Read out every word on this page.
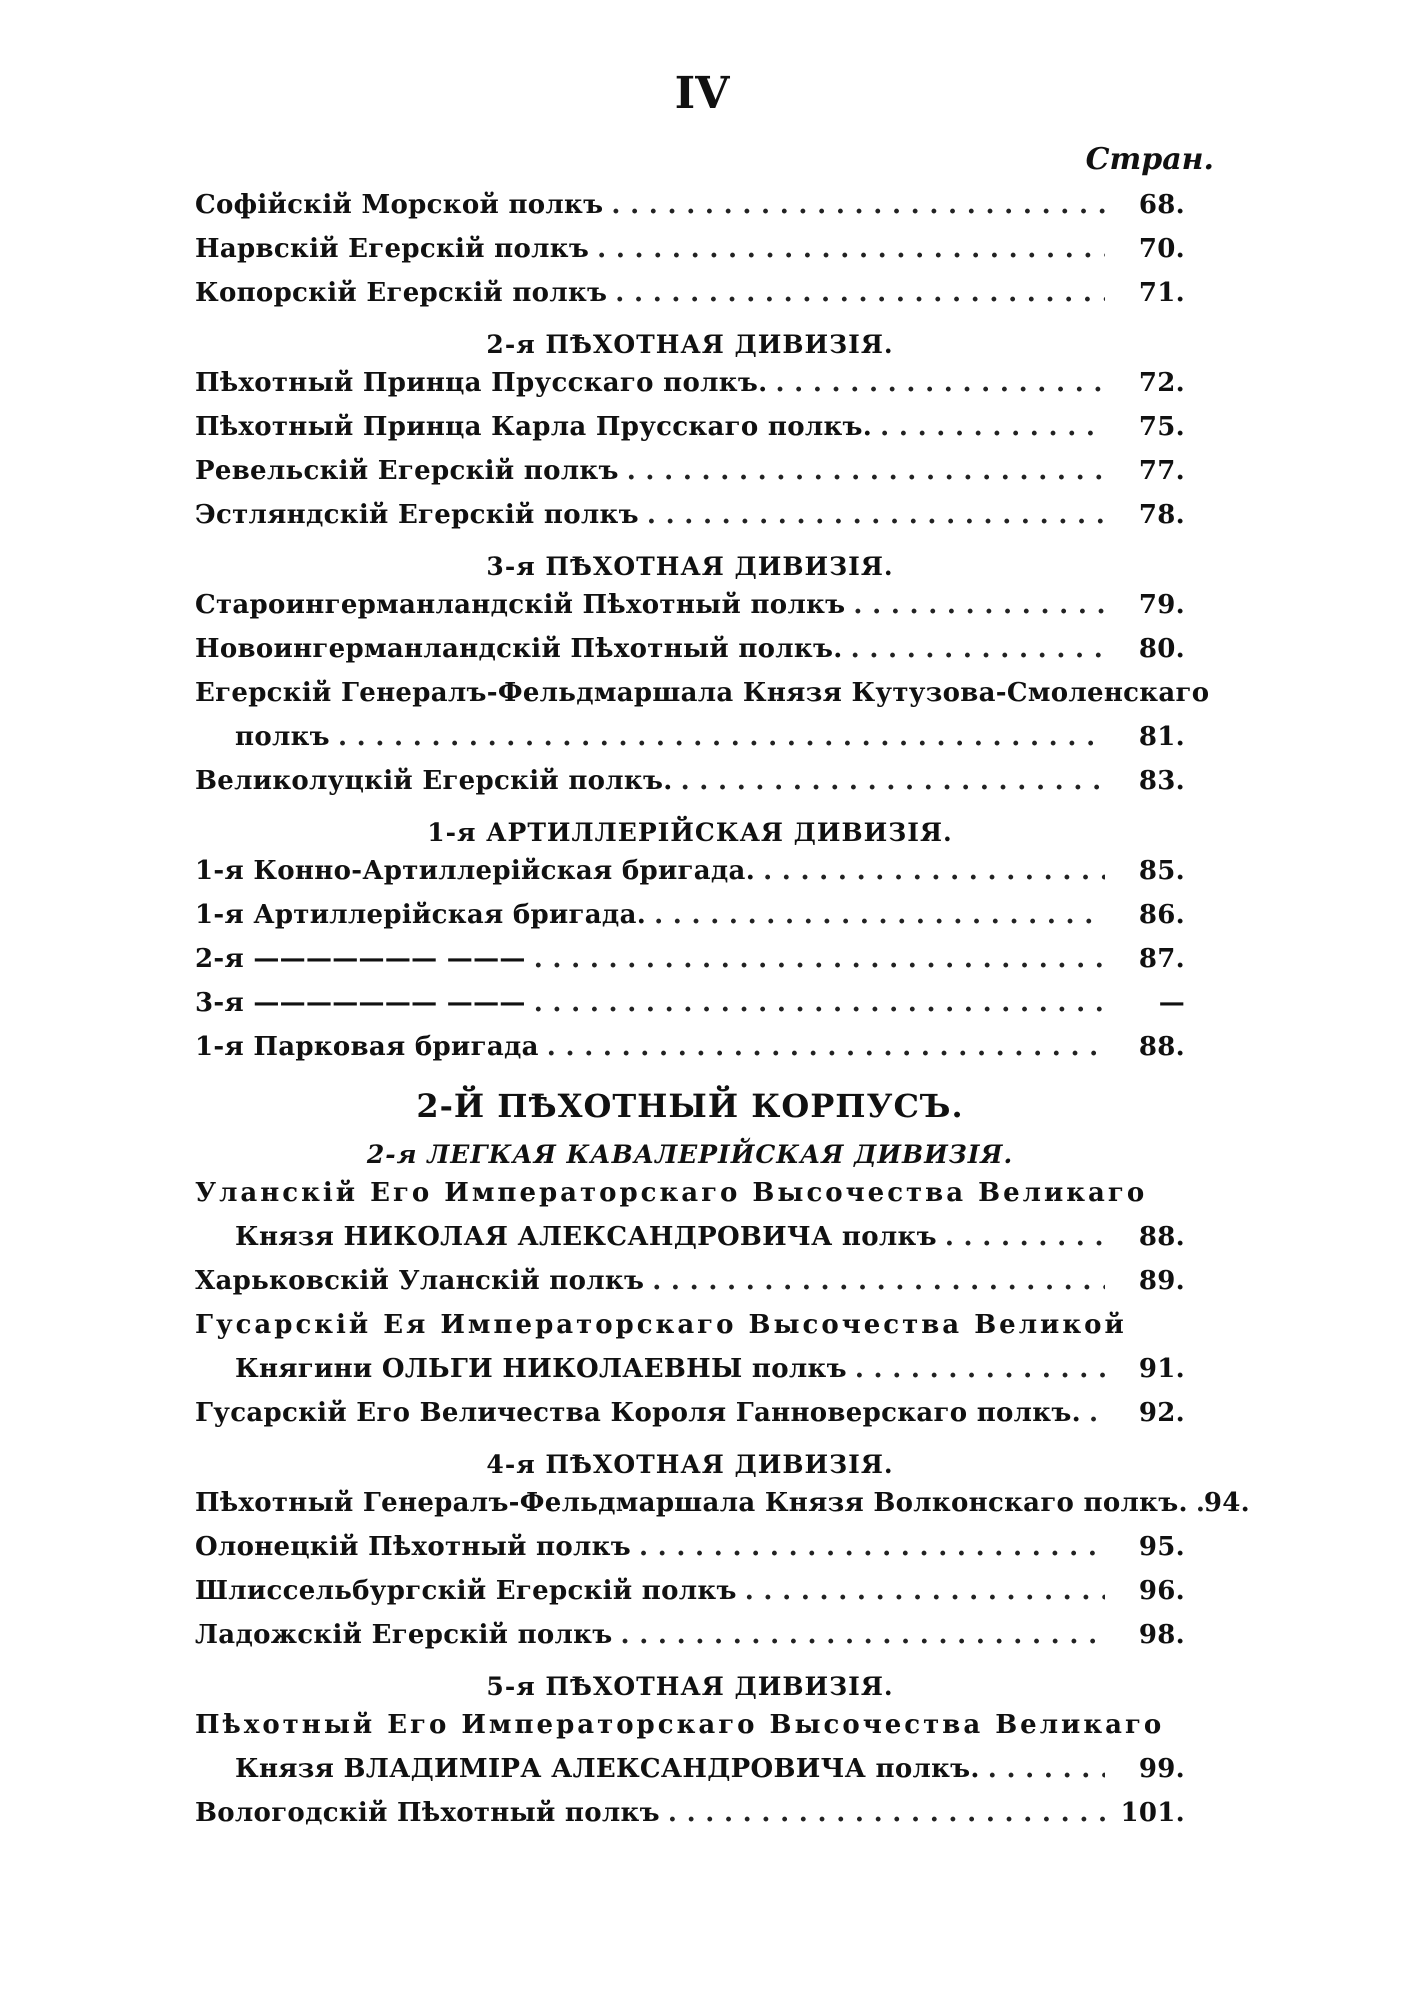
IV
Стран.
Софійскій Морской полкъ . . .	68.
Нарвскій Егерскій полкъ . . .	70.
Копорскій Егерскій полкъ . . .	71.
2-я ПѢХОТНАЯ ДИВИЗІЯ.
Пѣхотный Принца Прусскаго полкъ. . . .	72.
Пѣхотный Принца Карла Прусскаго полкъ. . . .	75.
Ревельскій Егерскій полкъ . . .	77.
Эстляндскій Егерскій полкъ . . .	78.
3-я ПѢХОТНАЯ ДИВИЗІЯ.
Староингерманландскій Пѣхотный полкъ . . .	79.
Новоингерманландскій Пѣхотный полкъ. . . .	80.
Егерскій Генералъ-Фельдмаршала Князя Кутузова-Смоленскаго
полкъ . . .	81.
Великолуцкій Егерскій полкъ. . . .	83.
1-я АРТИЛЛЕРІЙСКАЯ ДИВИЗІЯ.
1-я Конно-Артиллерійская бригада. . . .	85.
1-я Артиллерійская бригада. . . .	86.
2-я ——————— ——— . . .	87.
3-я ——————— ——— . . .	—
1-я Парковая бригада . . .	88.
2-Й ПѢХОТНЫЙ КОРПУСЪ.
2-я ЛЕГКАЯ КАВАЛЕРІЙСКАЯ ДИВИЗІЯ.
Уланскій Его Императорскаго Высочества Великаго
Князя НИКОЛАЯ АЛЕКСАНДРОВИЧА полкъ . . .	88.
Харьковскій Уланскій полкъ . . .	89.
Гусарскій Ея Императорскаго Высочества Великой
Княгини ОЛЬГИ НИКОЛАЕВНЫ полкъ . . .	91.
Гусарскій Его Величества Короля Ганноверскаго полкъ. . . .	92.
4-я ПѢХОТНАЯ ДИВИЗІЯ.
Пѣхотный Генералъ-Фельдмаршала Князя Волконскаго полкъ. . . . 94.
Олонецкій Пѣхотный полкъ . . .	95.
Шлиссельбургскій Егерскій полкъ . . .	96.
Ладожскій Егерскій полкъ . . .	98.
5-я ПѢХОТНАЯ ДИВИЗІЯ.
Пѣхотный Его Императорскаго Высочества Великаго
Князя ВЛАДИМІРА АЛЕКСАНДРОВИЧА полкъ. . . .	99.
Вологодскій Пѣхотный полкъ . . .	101.
